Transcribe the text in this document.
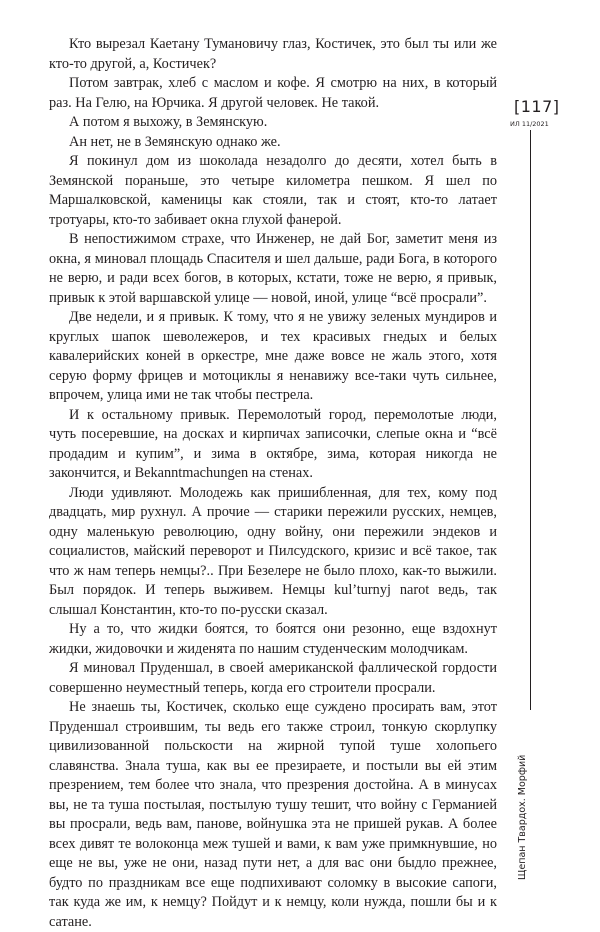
Кто вырезал Каетану Тумановичу глаз, Костичек, это был ты или же кто-то другой, а, Костичек?

Потом завтрак, хлеб с маслом и кофе. Я смотрю на них, в который раз. На Гелю, на Юрчика. Я другой человек. Не такой.

А потом я выхожу, в Земянскую.

Ан нет, не в Земянскую однако же.

Я покинул дом из шоколада незадолго до десяти, хотел быть в Земянской пораньше, это четыре километра пешком. Я шел по Маршалковской, каменицы как стояли, так и стоят, кто-то латает тротуары, кто-то забивает окна глухой фанерой.

В непостижимом страхе, что Инженер, не дай Бог, заметит меня из окна, я миновал площадь Спасителя и шел дальше, ради Бога, в которого не верю, и ради всех богов, в которых, кстати, тоже не верю, я привык, привык к этой варшавской улице — новой, иной, улице “всё просрали”.

Две недели, и я привык. К тому, что я не увижу зеленых мундиров и круглых шапок шеволежеров, и тех красивых гнедых и белых кавалерийских коней в оркестре, мне даже вовсе не жаль этого, хотя серую форму фрицев и мотоциклы я ненавижу все-таки чуть сильнее, впрочем, улица ими не так чтобы пестрела.

И к остальному привык. Перемолотый город, перемолотые люди, чуть посеревшие, на досках и кирпичах записочки, слепые окна и “всё продадим и купим”, и зима в октябре, зима, которая никогда не закончится, и Bekanntmachungen на стенах.

Люди удивляют. Молодежь как пришибленная, для тех, кому под двадцать, мир рухнул. А прочие — старики пережили русских, немцев, одну маленькую революцию, одну войну, они пережили эндеков и социалистов, майский переворот и Пилсудского, кризис и всё такое, так что ж нам теперь немцы?.. При Безелере не было плохо, как-то выжили. Был порядок. И теперь выживем. Немцы kul’turnyj narot ведь, так слышал Константин, кто-то по-русски сказал.

Ну а то, что жидки боятся, то боятся они резонно, еще вздохнут жидки, жидовочки и жиденята по нашим студенческим молодчикам.

Я миновал Пруденшал, в своей американской фаллической гордости совершенно неуместный теперь, когда его строители просрали.

Не знаешь ты, Костичек, сколько еще суждено просирать вам, этот Пруденшал строившим, ты ведь его также строил, тонкую скорлупку цивилизованной польскости на жирной тупой туше холопьего славянства. Знала туша, как вы ее презираете, и постыли вы ей этим презрением, тем более что знала, что презрения достойна. А в минусах вы, не та туша постылая, постылую тушу тешит, что войну с Германией вы просрали, ведь вам, панове, войнушка эта не пришей рукав. А более всех дивят те волоконца меж тушей и вами, к вам уже примкнувшие, но еще не вы, уже не они, назад пути нет, а для вас они быдло прежнее, будто по праздникам все еще подпихивают соломку в высокие сапоги, так куда же им, к немцу? Пойдут и к немцу, коли нужда, пошли бы и к сатане.

[117]
ИЛ 11/2021
Щепан Твардох. Морфий
